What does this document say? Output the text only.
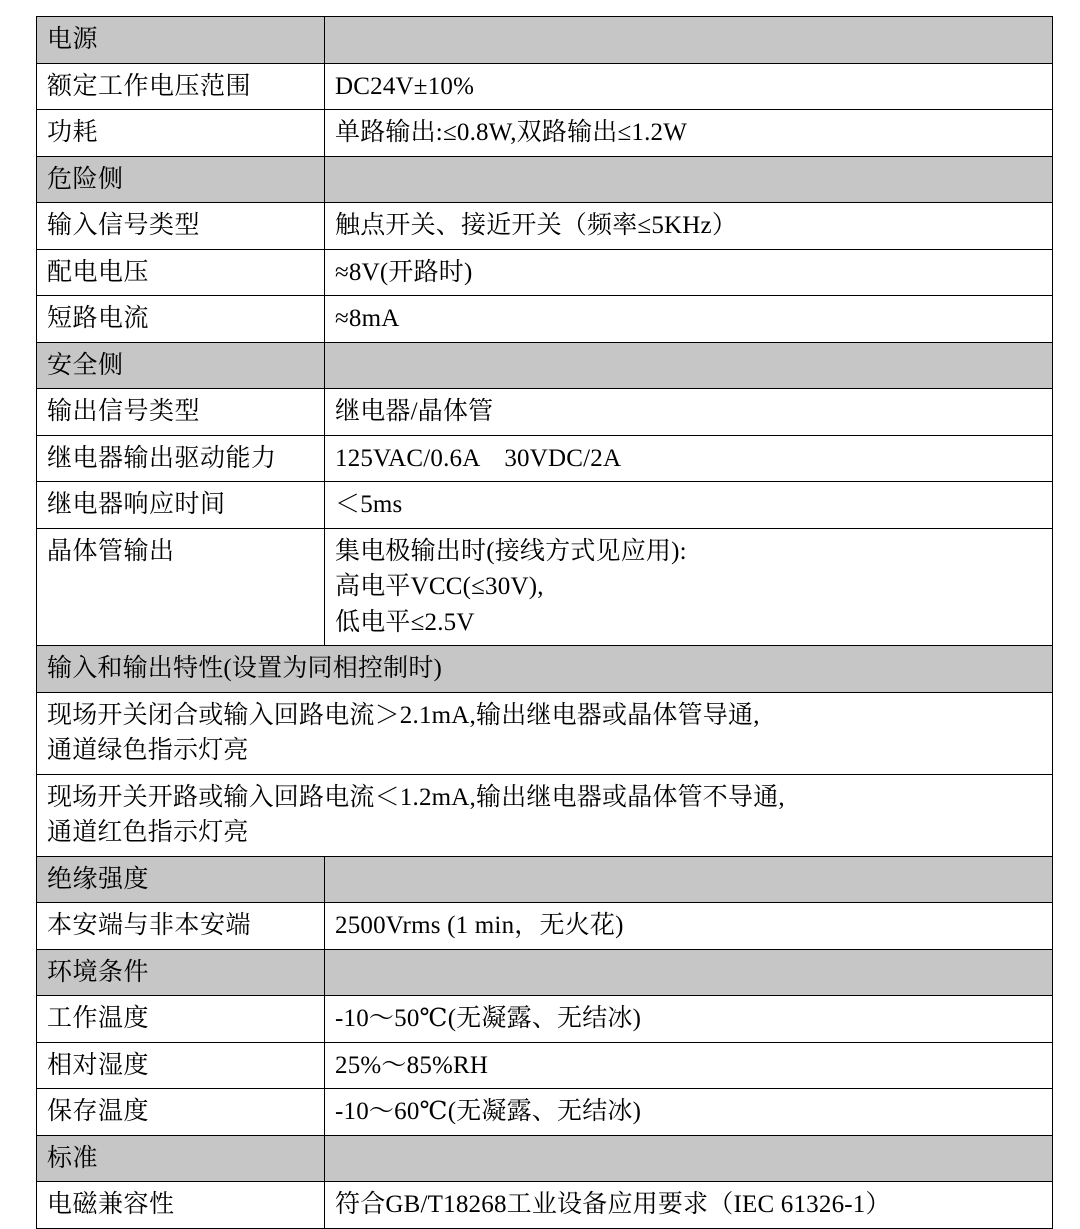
电源	
额定工作电压范围	DC24V±10%
功耗	单路输出:≤0.8W,双路输出≤1.2W
危险侧	
输入信号类型	触点开关、接近开关（频率≤5KHz）
配电电压	≈8V(开路时)
短路电流	≈8mA
安全侧	
输出信号类型	继电器/晶体管
继电器输出驱动能力	125VAC/0.6A　30VDC/2A
继电器响应时间	＜5ms
晶体管输出	集电极输出时(接线方式见应用):
高电平VCC(≤30V),
低电平≤2.5V

输入和输出特性(设置为同相控制时)	

现场开关闭合或输入回路电流＞2.1mA,输出继电器或晶体管导通,
通道绿色指示灯亮	

现场开关开路或输入回路电流＜1.2mA,输出继电器或晶体管不导通,
通道红色指示灯亮	

绝缘强度	
本安端与非本安端	2500Vrms (1 min，无火花)
环境条件	
工作温度	-10～50℃(无凝露、无结冰)
相对湿度	25%～85%RH
保存温度	-10～60℃(无凝露、无结冰)
标准	
电磁兼容性	符合GB/T18268工业设备应用要求（IEC 61326-1）
